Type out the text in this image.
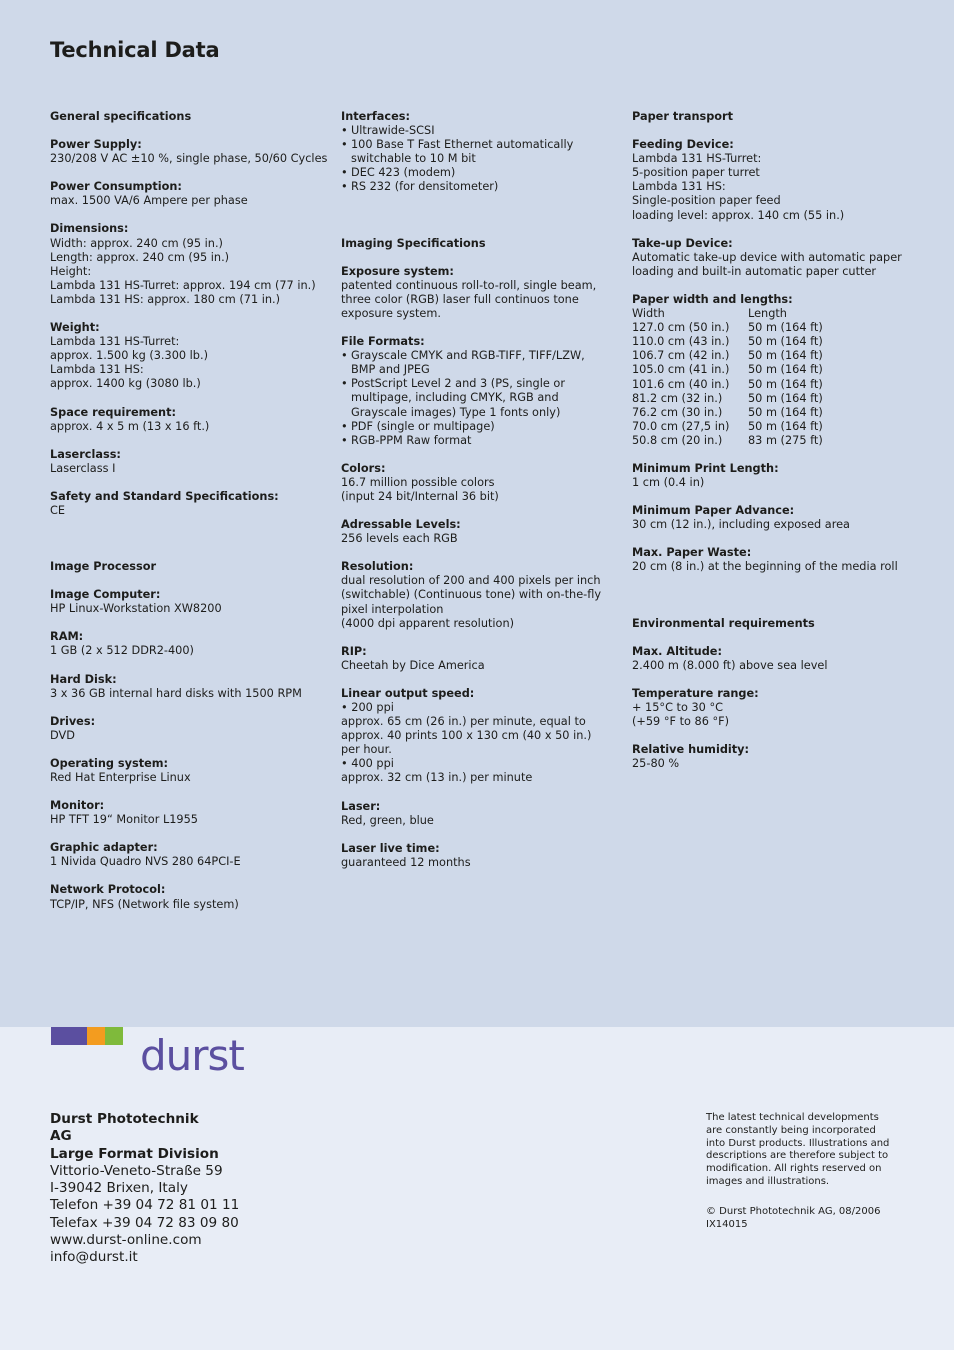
Technical Data
General specifications
Power Supply:
230/208 V AC ±10 %, single phase, 50/60 Cycles
Power Consumption:
max. 1500 VA/6 Ampere per phase
Dimensions:
Width: approx. 240 cm (95 in.)
Length: approx. 240 cm (95 in.)
Height:
Lambda 131 HS-Turret: approx. 194 cm (77 in.)
Lambda 131 HS: approx. 180 cm (71 in.)
Weight:
Lambda 131 HS-Turret:
approx. 1.500 kg (3.300 lb.)
Lambda 131 HS:
approx. 1400 kg (3080 lb.)
Space requirement:
approx. 4 x 5 m (13 x 16 ft.)
Laserclass:
Laserclass I
Safety and Standard Specifications:
CE
Image Processor
Image Computer:
HP Linux-Workstation XW8200
RAM:
1 GB (2 x 512 DDR2-400)
Hard Disk:
3 x 36 GB internal hard disks with 1500 RPM
Drives:
DVD
Operating system:
Red Hat Enterprise Linux
Monitor:
HP TFT 19“ Monitor L1955
Graphic adapter:
1 Nivida Quadro NVS 280 64PCI-E
Network Protocol:
TCP/IP, NFS (Network file system)
Interfaces:
• Ultrawide-SCSI
• 100 Base T Fast Ethernet automatically
switchable to 10 M bit
• DEC 423 (modem)
• RS 232 (for densitometer)
Imaging Specifications
Exposure system:
patented continuous roll-to-roll, single beam,
three color (RGB) laser full continuos tone
exposure system.
File Formats:
• Grayscale CMYK and RGB-TIFF, TIFF/LZW,
BMP and JPEG
• PostScript Level 2 and 3 (PS, single or
multipage, including CMYK, RGB and
Grayscale images) Type 1 fonts only)
• PDF (single or multipage)
• RGB-PPM Raw format
Colors:
16.7 million possible colors
(input 24 bit/Internal 36 bit)
Adressable Levels:
256 levels each RGB
Resolution:
dual resolution of 200 and 400 pixels per inch
(switchable) (Continuous tone) with on-the-fly
pixel interpolation
(4000 dpi apparent resolution)
RIP:
Cheetah by Dice America
Linear output speed:
• 200 ppi
approx. 65 cm (26 in.) per minute, equal to
approx. 40 prints 100 x 130 cm (40 x 50 in.)
per hour.
• 400 ppi
approx. 32 cm (13 in.) per minute
Laser:
Red, green, blue
Laser live time:
guaranteed 12 months
Paper transport
Feeding Device:
Lambda 131 HS-Turret:
5-position paper turret
Lambda 131 HS:
Single-position paper feed
loading level: approx. 140 cm (55 in.)
Take-up Device:
Automatic take-up device with automatic paper
loading and built-in automatic paper cutter
Paper width and lengths:
Width	Length
127.0 cm (50 in.)	50 m (164 ft)
110.0 cm (43 in.)	50 m (164 ft)
106.7 cm (42 in.)	50 m (164 ft)
105.0 cm (41 in.)	50 m (164 ft)
101.6 cm (40 in.)	50 m (164 ft)
81.2 cm (32 in.)	50 m (164 ft)
76.2 cm (30 in.)	50 m (164 ft)
70.0 cm (27,5 in)	50 m (164 ft)
50.8 cm (20 in.)	83 m (275 ft)
Minimum Print Length:
1 cm (0.4 in)
Minimum Paper Advance:
30 cm (12 in.), including exposed area
Max. Paper Waste:
20 cm (8 in.) at the beginning of the media roll
Environmental requirements
Max. Altitude:
2.400 m (8.000 ft) above sea level
Temperature range:
+ 15°C to 30 °C
(+59 °F to 86 °F)
Relative humidity:
25-80 %
durst
Durst Phototechnik
AG
Large Format Division
Vittorio-Veneto-Straße 59
I-39042 Brixen, Italy
Telefon +39 04 72 81 01 11
Telefax +39 04 72 83 09 80
www.durst-online.com
info@durst.it

The latest technical developments
are constantly being incorporated
into Durst products. Illustrations and
descriptions are therefore subject to
modification. All rights reserved on
images and illustrations.

© Durst Phototechnik AG, 08/2006
IX14015
